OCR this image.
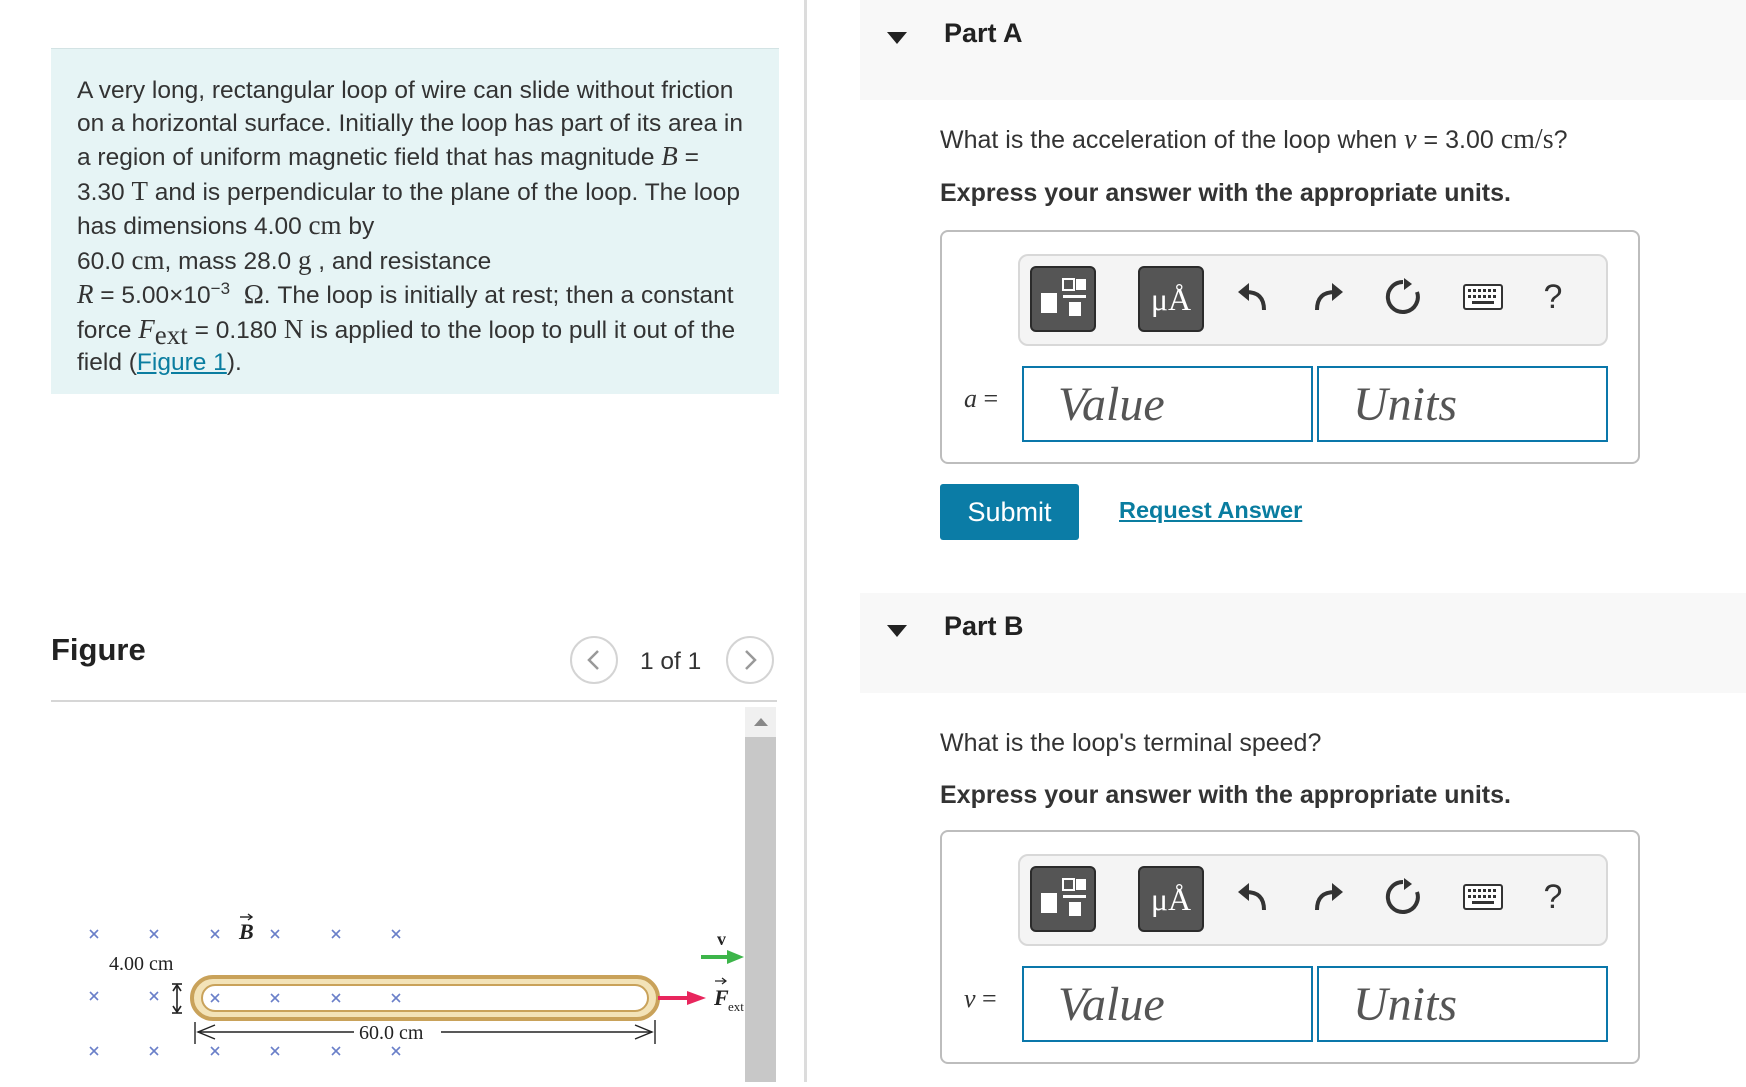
A very long, rectangular loop of wire can slide without friction on a horizontal surface. Initially the loop has part of its area in a region of uniform magnetic field that has magnitude B = 3.30 T and is perpendicular to the plane of the loop. The loop has dimensions 4.00 cm by
60.0 cm, mass 28.0 g , and resistance
$R = 5.00\times 10^{-3}$ Ω. The loop is initially at rest; then a constant force $F_{ext} = 0.180$ N is applied to the loop to pull it out of the field (Figure 1).
Figure	1 of 1
B
4.00 cm
60.0 cm
v
F ext
Part A
What is the acceleration of the loop when v = 3.00 cm/s?
Express your answer with the appropriate units.
μÅ	?
a =
Value
Units
Submit	Request Answer
Part B
What is the loop's terminal speed?
Express your answer with the appropriate units.
μÅ	?
v =
Value
Units
